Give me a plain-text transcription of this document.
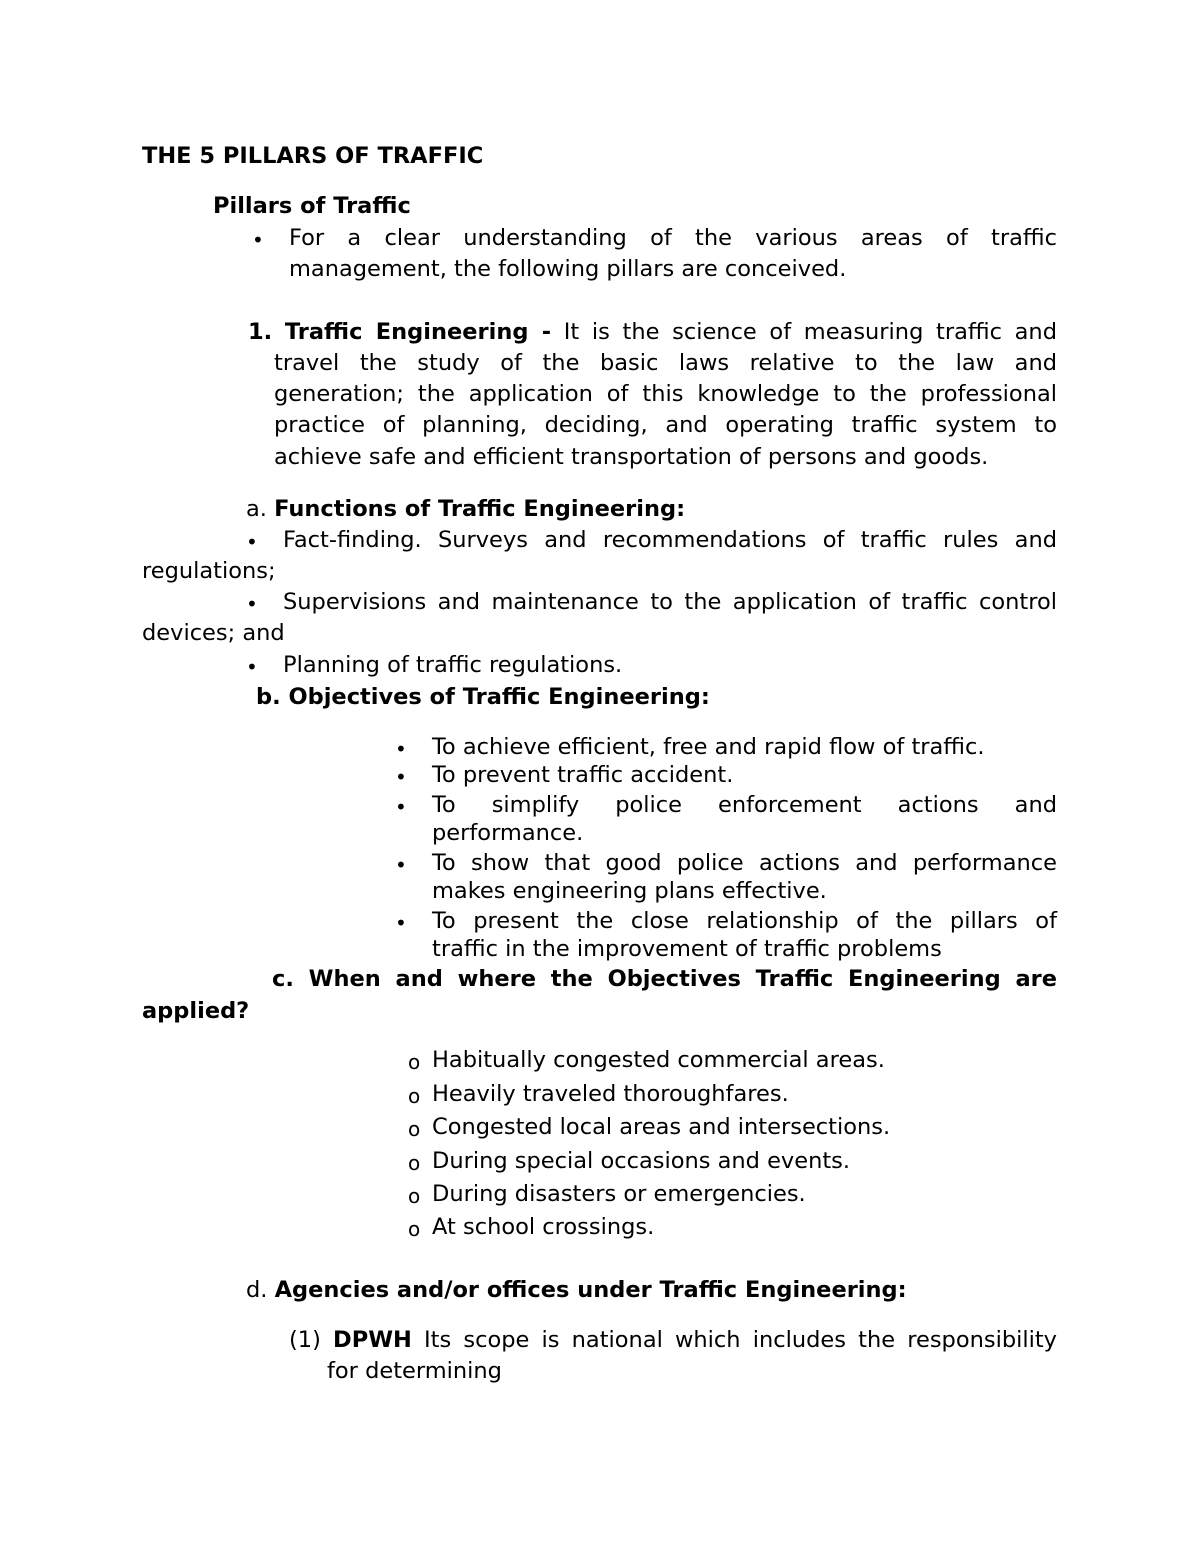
THE 5 PILLARS OF TRAFFIC
Pillars of Traffic
• For a clear understanding of the various areas of traffic
management, the following pillars are conceived.
1. Traffic Engineering - It is the science of measuring traffic and
travel the study of the basic laws relative to the law and
generation; the application of this knowledge to the professional
practice of planning, deciding, and operating traffic system to
achieve safe and efficient transportation of persons and goods.
a. Functions of Traffic Engineering:
• Fact-finding. Surveys and recommendations of traffic rules and
regulations;
• Supervisions and maintenance to the application of traffic control
devices; and
• Planning of traffic regulations.
b. Objectives of Traffic Engineering:
• To achieve efficient, free and rapid flow of traffic.
• To prevent traffic accident.
• To simplify police enforcement actions and
performance.
• To show that good police actions and performance
makes engineering plans effective.
• To present the close relationship of the pillars of
traffic in the improvement of traffic problems
c. When and where the Objectives Traffic Engineering are
applied?
o Habitually congested commercial areas.
o Heavily traveled thoroughfares.
o Congested local areas and intersections.
o During special occasions and events.
o During disasters or emergencies.
o At school crossings.
d. Agencies and/or offices under Traffic Engineering:
(1) DPWH Its scope is national which includes the responsibility
for determining
